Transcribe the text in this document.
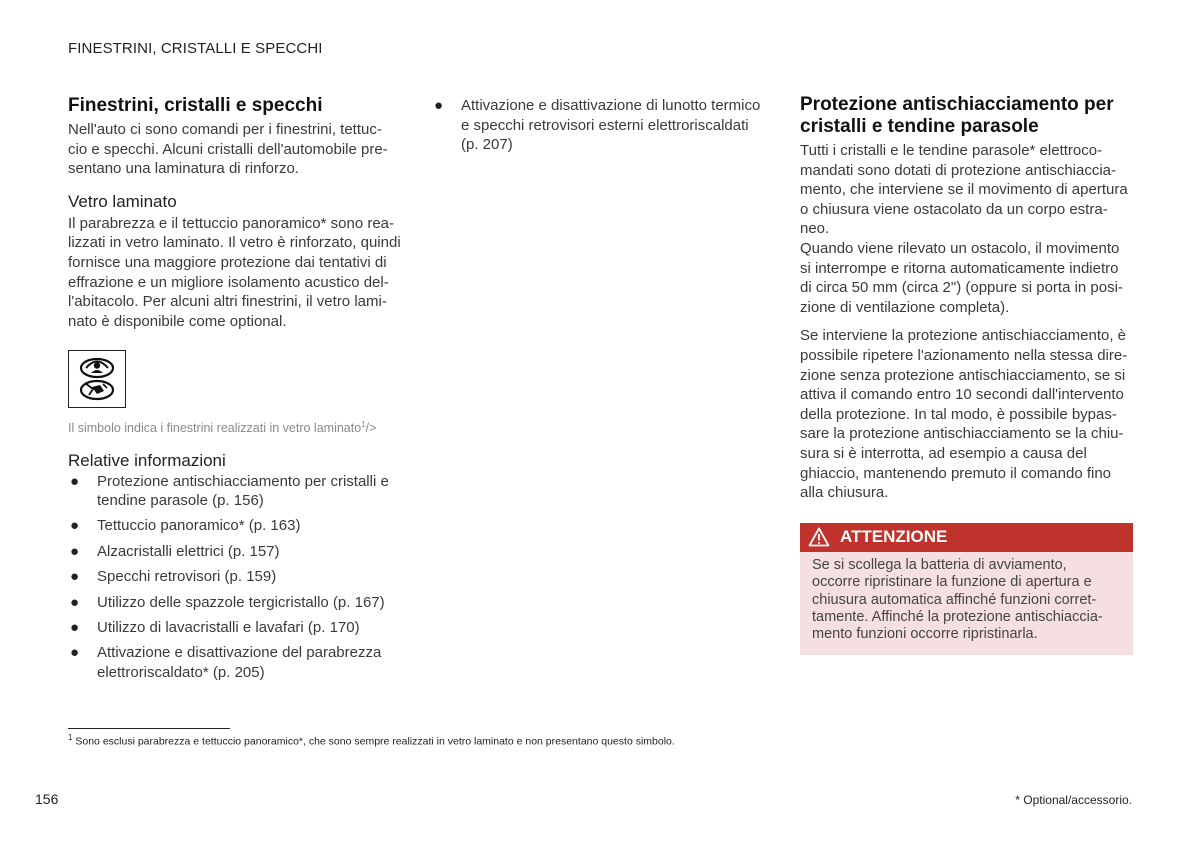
FINESTRINI, CRISTALLI E SPECCHI
Finestrini, cristalli e specchi

Nell'auto ci sono comandi per i finestrini, tettuc-
cio e specchi. Alcuni cristalli dell'automobile pre-
sentano una laminatura di rinforzo.

Vetro laminato

Il parabrezza e il tettuccio panoramico* sono rea-
lizzati in vetro laminato. Il vetro è rinforzato, quindi
fornisce una maggiore protezione dai tentativi di
effrazione e un migliore isolamento acustico del-
l'abitacolo. Per alcuni altri finestrini, il vetro lami-
nato è disponibile come optional.

Il simbolo indica i finestrini realizzati in vetro laminato$^1$/>
Relative informazioni
● Protezione antischiacciamento per cristalli e
tendine parasole (p. 156)
● Tettuccio panoramico* (p. 163)
● Alzacristalli elettrici (p. 157)
● Specchi retrovisori (p. 159)
● Utilizzo delle spazzole tergicristallo (p. 167)
● Utilizzo di lavacristalli e lavafari (p. 170)
● Attivazione e disattivazione del parabrezza
elettroriscaldato* (p. 205)
● Attivazione e disattivazione di lunotto termico
e specchi retrovisori esterni elettroriscaldati
(p. 207)
Protezione antischiacciamento per
cristalli e tendine parasole

Tutti i cristalli e le tendine parasole* elettroco-
mandati sono dotati di protezione antischiaccia-
mento, che interviene se il movimento di apertura
o chiusura viene ostacolato da un corpo estra-
neo.

Quando viene rilevato un ostacolo, il movimento
si interrompe e ritorna automaticamente indietro
di circa 50 mm (circa 2") (oppure si porta in posi-
zione di ventilazione completa).

Se interviene la protezione antischiacciamento, è
possibile ripetere l'azionamento nella stessa dire-
zione senza protezione antischiacciamento, se si
attiva il comando entro 10 secondi dall'intervento
della protezione. In tal modo, è possibile bypas-
sare la protezione antischiacciamento se la chiu-
sura si è interrotta, ad esempio a causa del
ghiaccio, mantenendo premuto il comando fino
alla chiusura.

ATTENZIONE
Se si scollega la batteria di avviamento,
occorre ripristinare la funzione di apertura e
chiusura automatica affinché funzioni corret-
tamente. Affinché la protezione antischiaccia-
mento funzioni occorre ripristinarla.
$^1$ Sono esclusi parabrezza e tettuccio panoramico*, che sono sempre realizzati in vetro laminato e non presentano questo simbolo.
156	* Optional/accessorio.
